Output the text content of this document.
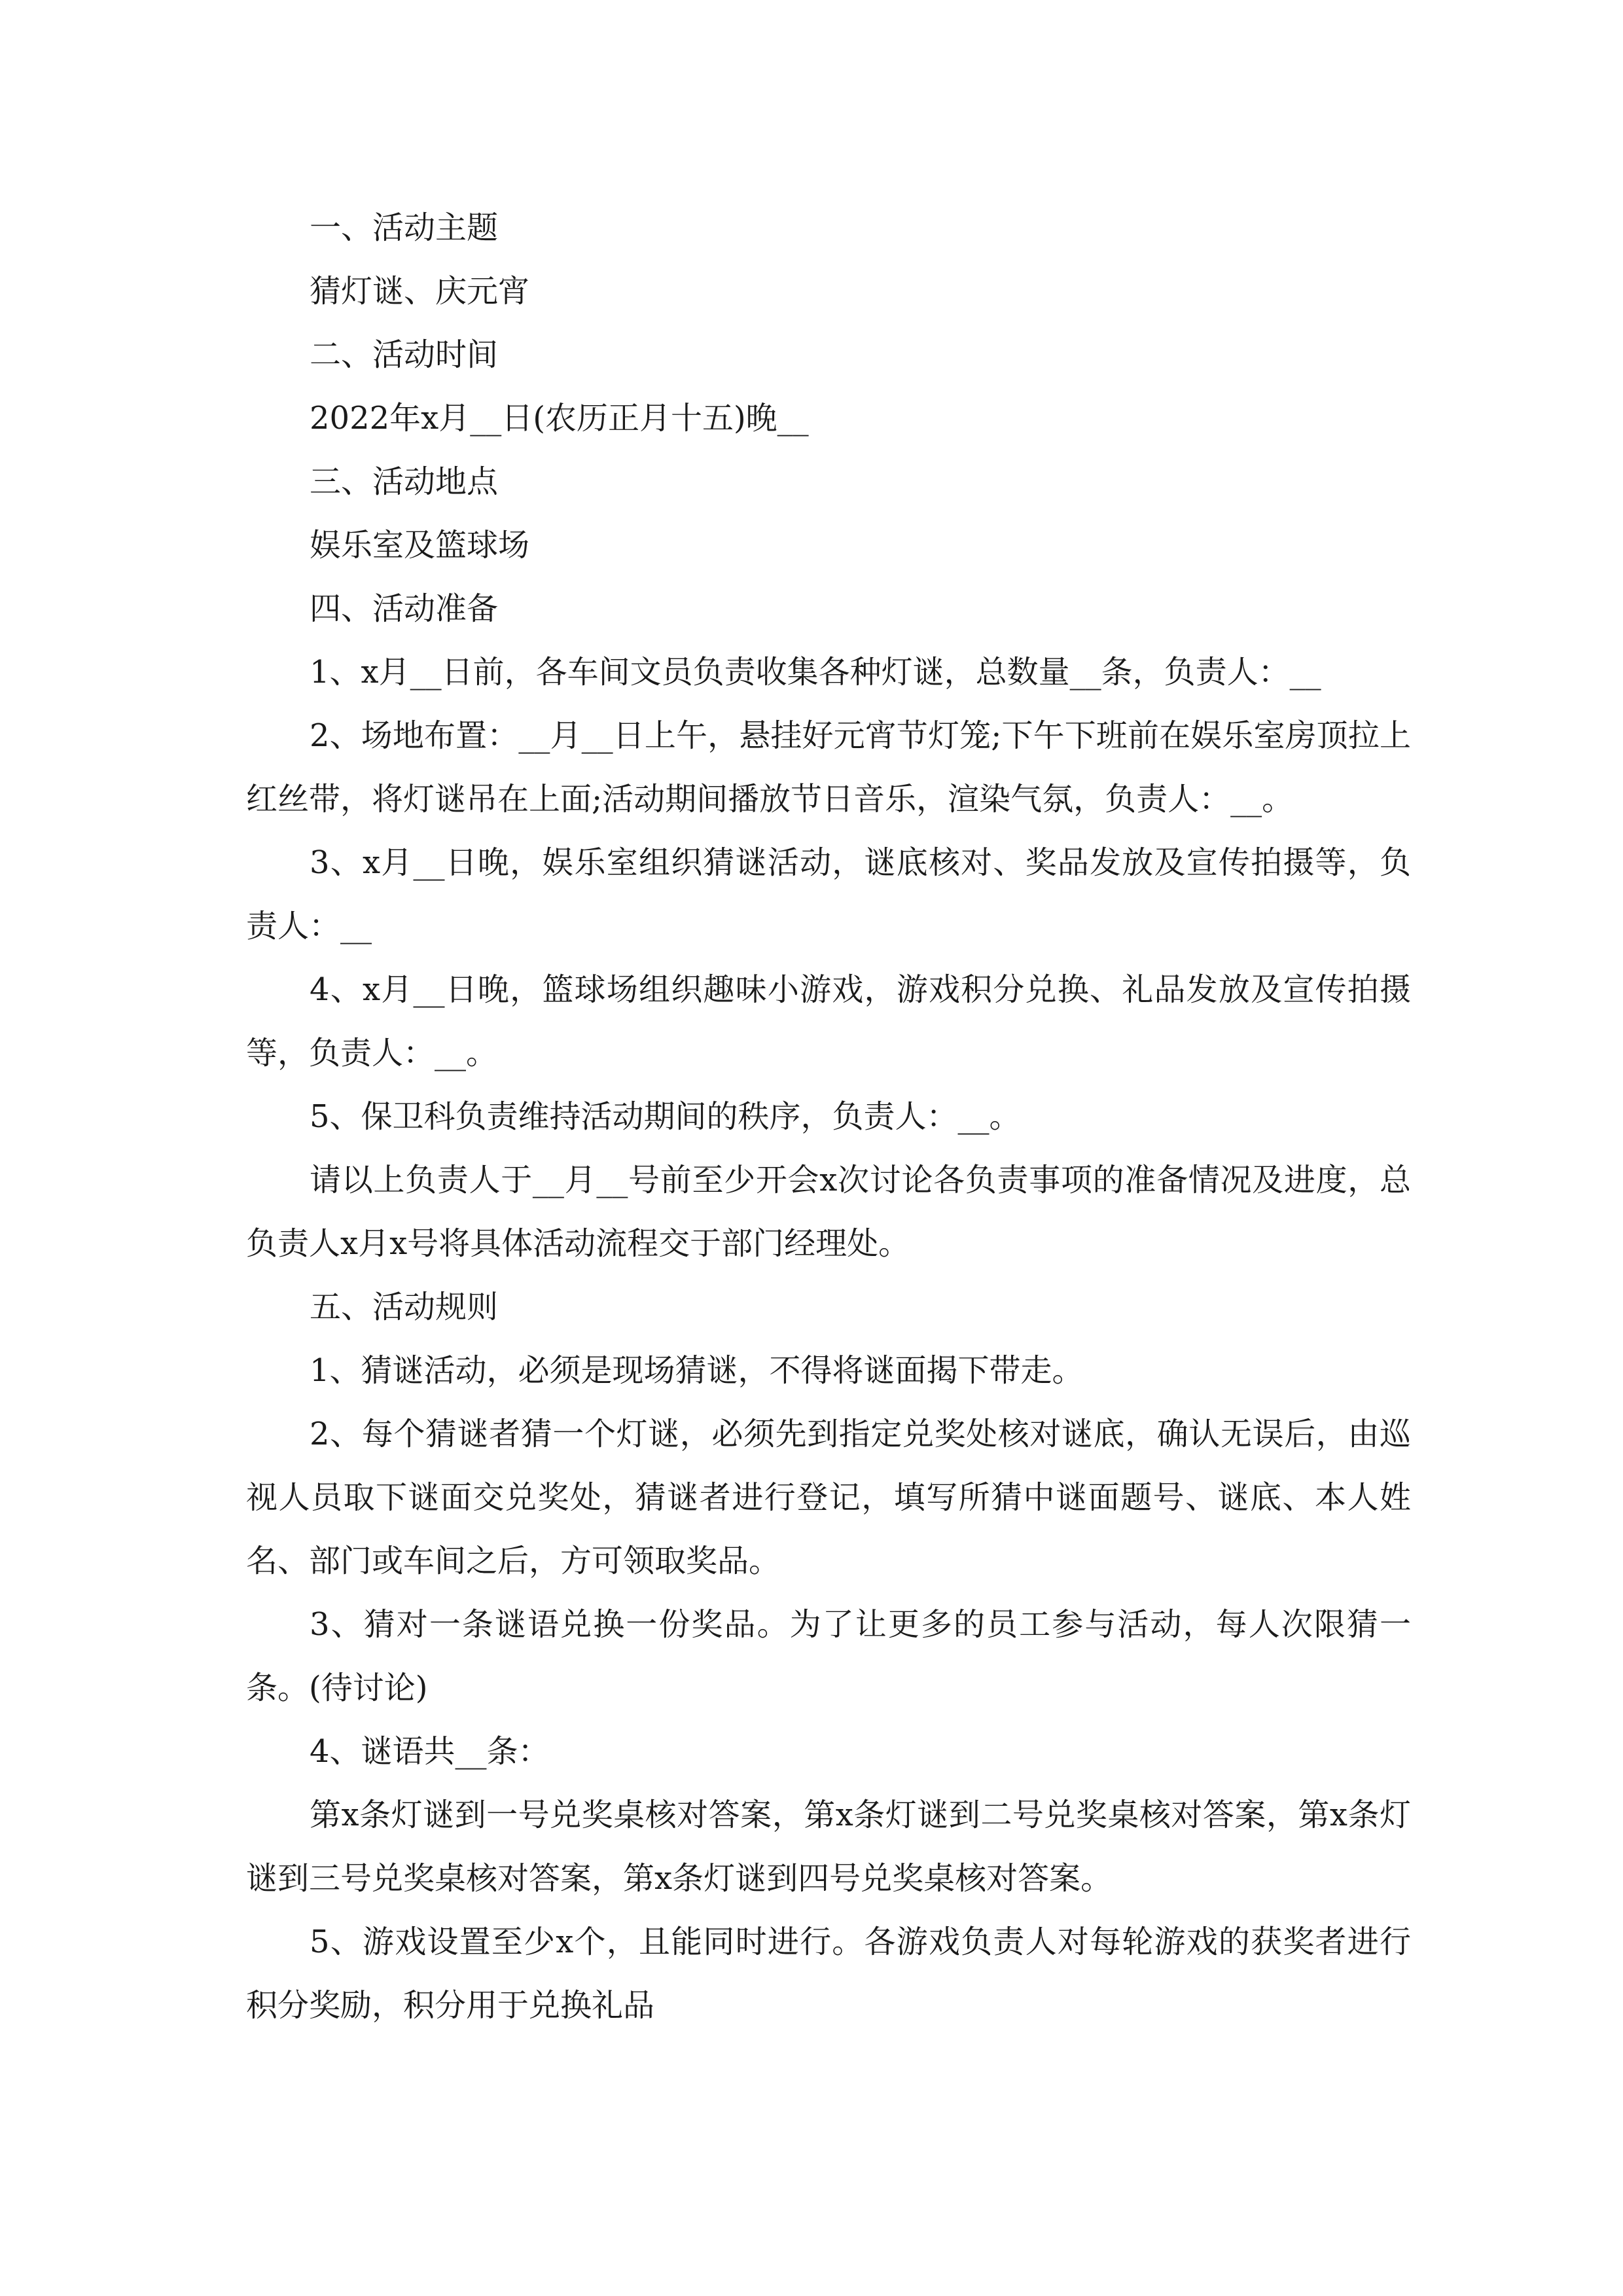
一、活动主题

猜灯谜、庆元宵

二、活动时间

2022年x月__日(农历正月十五)晚__

三、活动地点

娱乐室及篮球场

四、活动准备

1、x月__日前，各车间文员负责收集各种灯谜，总数量__条，负责人：__

2、场地布置：__月__日上午，悬挂好元宵节灯笼;下午下班前在娱乐室房顶拉上红丝带，将灯谜吊在上面;活动期间播放节日音乐，渲染气氛，负责人：__。

3、x月__日晚，娱乐室组织猜谜活动，谜底核对、奖品发放及宣传拍摄等，负责人：__

4、x月__日晚，篮球场组织趣味小游戏，游戏积分兑换、礼品发放及宣传拍摄等，负责人：__。

5、保卫科负责维持活动期间的秩序，负责人：__。

请以上负责人于__月__号前至少开会x次讨论各负责事项的准备情况及进度，总负责人x月x号将具体活动流程交于部门经理处。

五、活动规则

1、猜谜活动，必须是现场猜谜，不得将谜面揭下带走。

2、每个猜谜者猜一个灯谜，必须先到指定兑奖处核对谜底，确认无误后，由巡视人员取下谜面交兑奖处，猜谜者进行登记，填写所猜中谜面题号、谜底、本人姓名、部门或车间之后，方可领取奖品。

3、猜对一条谜语兑换一份奖品。为了让更多的员工参与活动，每人次限猜一条。(待讨论)

4、谜语共__条：

第x条灯谜到一号兑奖桌核对答案，第x条灯谜到二号兑奖桌核对答案，第x条灯谜到三号兑奖桌核对答案，第x条灯谜到四号兑奖桌核对答案。

5、游戏设置至少x个，且能同时进行。各游戏负责人对每轮游戏的获奖者进行积分奖励，积分用于兑换礼品
